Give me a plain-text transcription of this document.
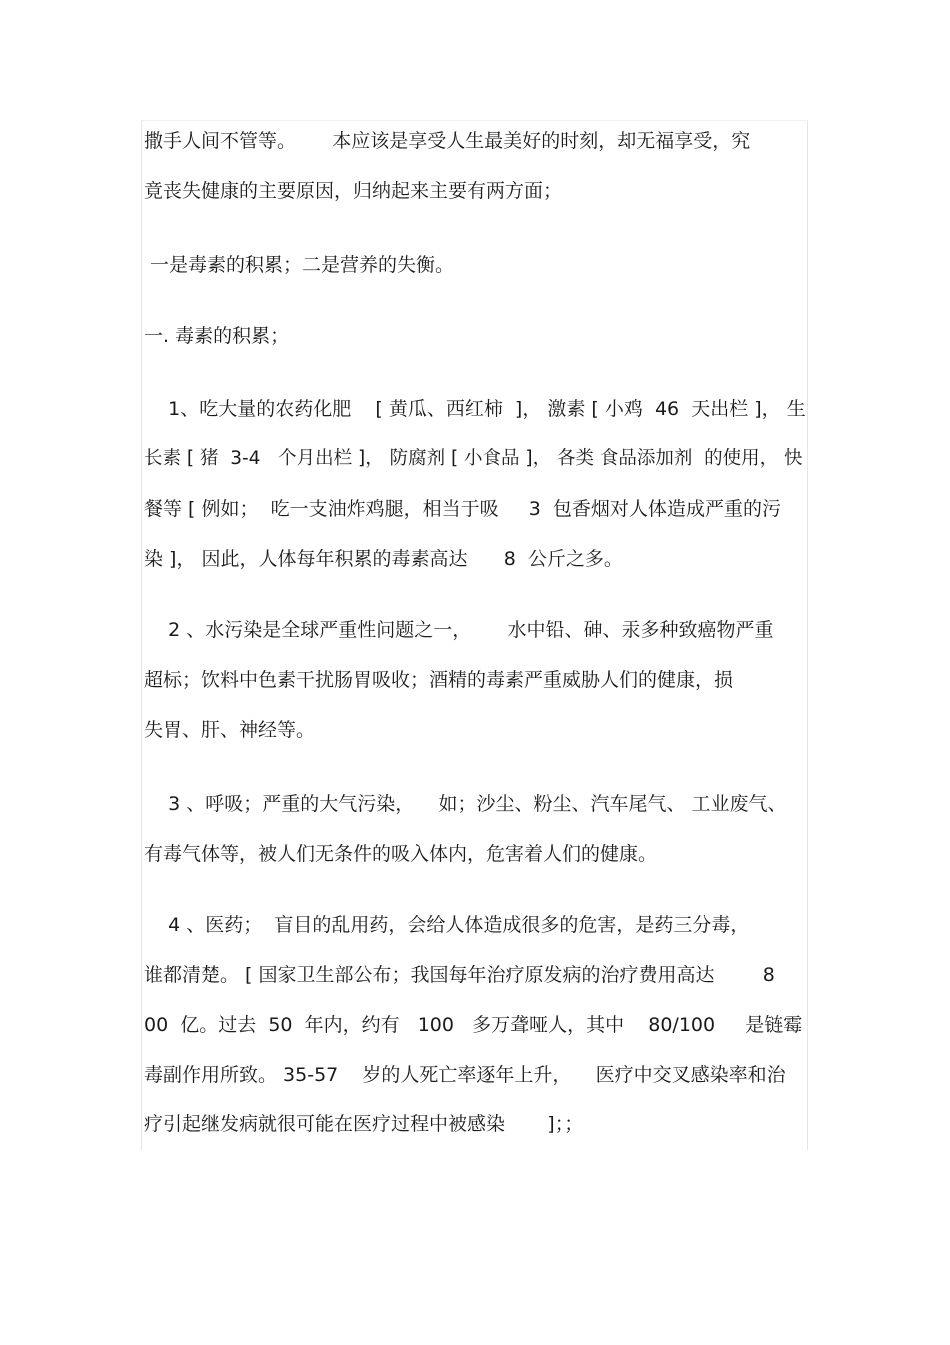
撒手人间不管等。      本应该是享受人生最美好的时刻，却无福享受，究
竟丧失健康的主要原因，归纳起来主要有两方面；
一是毒素的积累；二是营养的失衡。
一. 毒素的积累；
1、吃大量的农药化肥    [ 黄瓜、西红柿  ]， 激素 [ 小鸡  46  天出栏 ]， 生
长素 [ 猪  3-4   个月出栏 ]， 防腐剂 [ 小食品 ]， 各类 食品添加剂  的使用， 快
餐等 [ 例如；  吃一支油炸鸡腿，相当于吸     3  包香烟对人体造成严重的污
染 ]， 因此，人体每年积累的毒素高达      8  公斤之多。
2 、水污染是全球严重性问题之一，      水中铅、砷、汞多种致癌物严重
超标；饮料中色素干扰肠胃吸收；酒精的毒素严重威胁人们的健康，损
失胃、肝、神经等。
3 、呼吸；严重的大气污染，    如；沙尘、粉尘、汽车尾气、 工业废气、
有毒气体等，被人们无条件的吸入体内，危害着人们的健康。
4 、医药；  盲目的乱用药，会给人体造成很多的危害，是药三分毒，
谁都清楚。 [ 国家卫生部公布；我国每年治疗原发病的治疗费用高达        8
00  亿。过去  50  年内，约有   100   多万聋哑人，其中    80/100     是链霉
毒副作用所致。 35-57    岁的人死亡率逐年上升，    医疗中交叉感染率和治
疗引起继发病就很可能在医疗过程中被感染       ]；；
